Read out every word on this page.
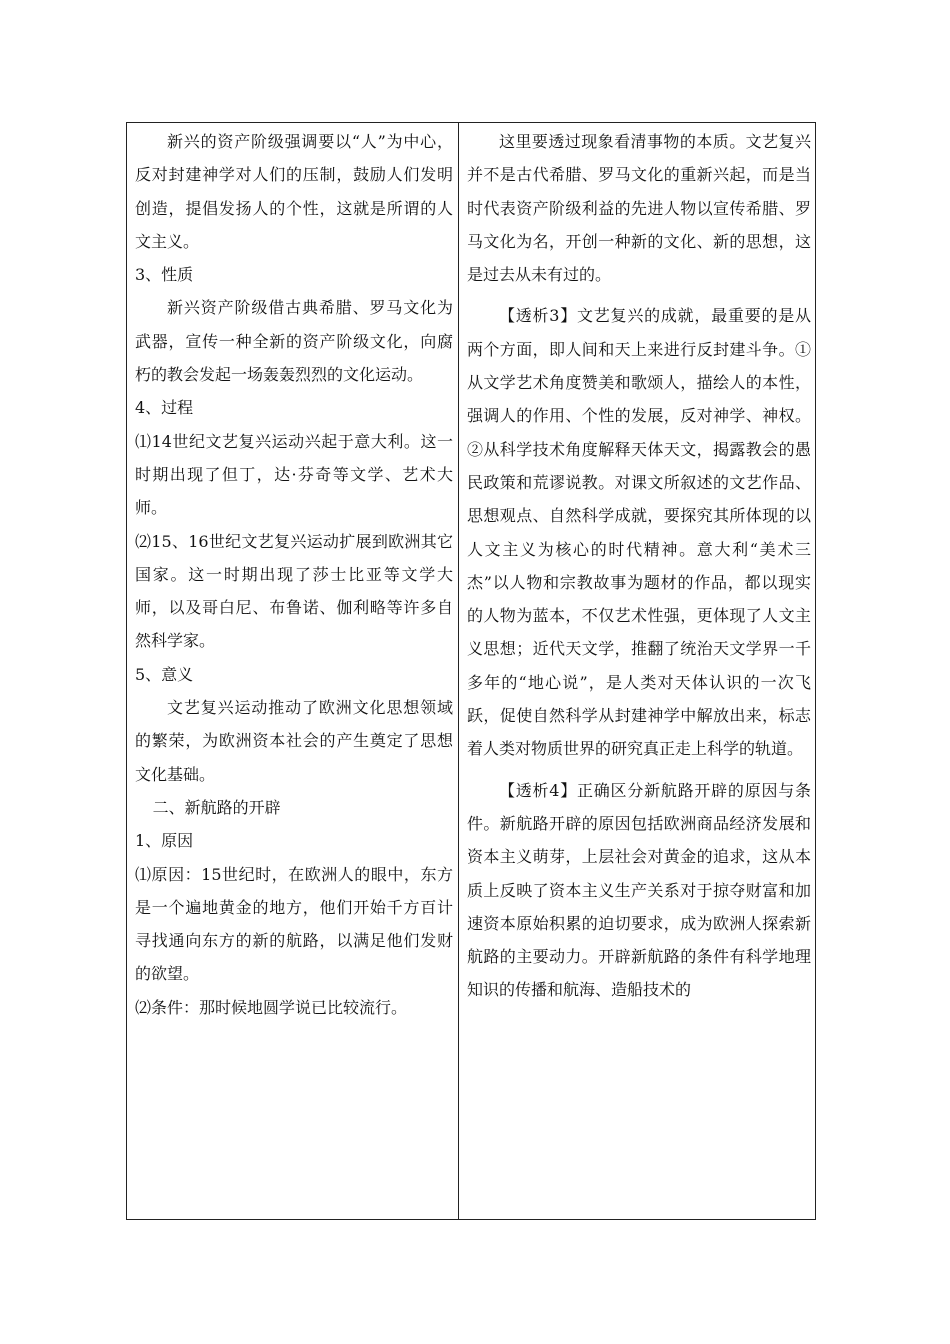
新兴的资产阶级强调要以“人”为中心，反对封建神学对人们的压制，鼓励人们发明创造，提倡发扬人的个性，这就是所谓的人文主义。

3、性质

新兴资产阶级借古典希腊、罗马文化为武器，宣传一种全新的资产阶级文化，向腐朽的教会发起一场轰轰烈烈的文化运动。

4、过程

⑴14世纪文艺复兴运动兴起于意大利。这一时期出现了但丁，达·芬奇等文学、艺术大师。

⑵15、16世纪文艺复兴运动扩展到欧洲其它国家。这一时期出现了莎士比亚等文学大师，以及哥白尼、布鲁诺、伽利略等许多自然科学家。

5、意义

文艺复兴运动推动了欧洲文化思想领域的繁荣，为欧洲资本社会的产生奠定了思想文化基础。

二、新航路的开辟

1、原因

⑴原因：15世纪时，在欧洲人的眼中，东方是一个遍地黄金的地方，他们开始千方百计寻找通向东方的新的航路，以满足他们发财的欲望。

⑵条件：那时候地圆学说已比较流行。

这里要透过现象看清事物的本质。文艺复兴并不是古代希腊、罗马文化的重新兴起，而是当时代表资产阶级利益的先进人物以宣传希腊、罗马文化为名，开创一种新的文化、新的思想，这是过去从未有过的。

【透析3】文艺复兴的成就，最重要的是从两个方面，即人间和天上来进行反封建斗争。①从文学艺术角度赞美和歌颂人，描绘人的本性，强调人的作用、个性的发展，反对神学、神权。②从科学技术角度解释天体天文，揭露教会的愚民政策和荒谬说教。对课文所叙述的文艺作品、思想观点、自然科学成就，要探究其所体现的以人文主义为核心的时代精神。意大利“美术三杰”以人物和宗教故事为题材的作品，都以现实的人物为蓝本，不仅艺术性强，更体现了人文主义思想；近代天文学，推翻了统治天文学界一千多年的“地心说”，是人类对天体认识的一次飞跃，促使自然科学从封建神学中解放出来，标志着人类对物质世界的研究真正走上科学的轨道。

【透析4】正确区分新航路开辟的原因与条件。新航路开辟的原因包括欧洲商品经济发展和资本主义萌芽，上层社会对黄金的追求，这从本质上反映了资本主义生产关系对于掠夺财富和加速资本原始积累的迫切要求，成为欧洲人探索新航路的主要动力。开辟新航路的条件有科学地理知识的传播和航海、造船技术的
